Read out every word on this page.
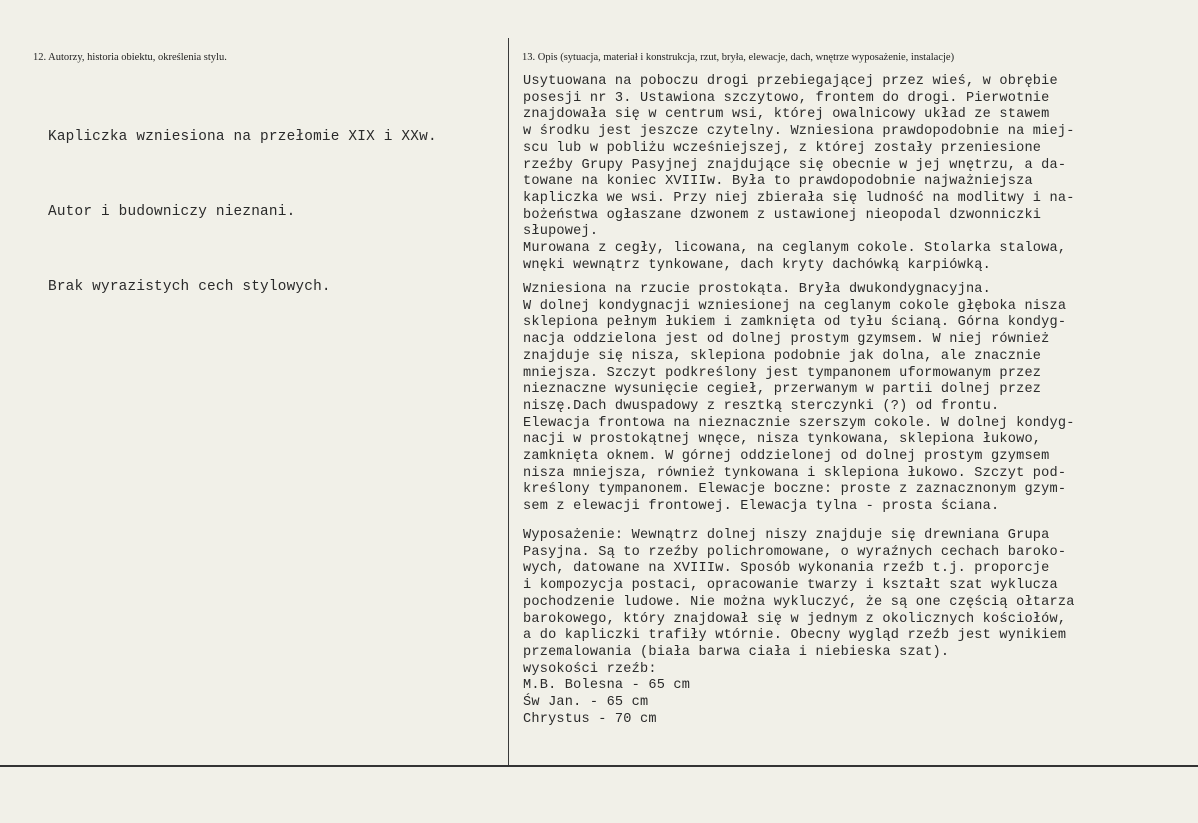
12. Autorzy, historia obiektu, określenia stylu.	13. Opis (sytuacja, materiał i konstrukcja, rzut, bryła, elewacje, dach, wnętrze wyposażenie, instalacje)

Kapliczka wzniesiona na przełomie XIX i XXw.

Autor i budowniczy nieznani.

Brak wyrazistych cech stylowych.

Usytuowana na poboczu drogi przebiegającej przez wieś, w obrębie
posesji nr 3. Ustawiona szczytowo, frontem do drogi. Pierwotnie
znajdowała się w centrum wsi, której owalnicowy układ ze stawem
w środku jest jeszcze czytelny. Wzniesiona prawdopodobnie na miej-
scu lub w pobliżu wcześniejszej, z której zostały przeniesione
rzeźby Grupy Pasyjnej znajdujące się obecnie w jej wnętrzu, a da-
towane na koniec XVIIIw. Była to prawdopodobnie najważniejsza
kapliczka we wsi. Przy niej zbierała się ludność na modlitwy i na-
bożeństwa ogłaszane dzwonem z ustawionej nieopodal dzwonniczki
słupowej.
Murowana z cegły, licowana, na ceglanym cokole. Stolarka stalowa,
wnęki wewnątrz tynkowane, dach kryty dachówką karpiówką.

Wzniesiona na rzucie prostokąta. Bryła dwukondygnacyjna.
W dolnej kondygnacji wzniesionej na ceglanym cokole głęboka nisza
sklepiona pełnym łukiem i zamknięta od tyłu ścianą. Górna kondyg-
nacja oddzielona jest od dolnej prostym gzymsem. W niej również
znajduje się nisza, sklepiona podobnie jak dolna, ale znacznie
mniejsza. Szczyt podkreślony jest tympanonem uformowanym przez
nieznaczne wysunięcie cegieł, przerwanym w partii dolnej przez
niszę.Dach dwuspadowy z resztką sterczynki (?) od frontu.
Elewacja frontowa na nieznacznie szerszym cokole. W dolnej kondyg-
nacji w prostokątnej wnęce, nisza tynkowana, sklepiona łukowo,
zamknięta oknem. W górnej oddzielonej od dolnej prostym gzymsem
nisza mniejsza, również tynkowana i sklepiona łukowo. Szczyt pod-
kreślony tympanonem. Elewacje boczne: proste z zaznacznonym gzym-
sem z elewacji frontowej. Elewacja tylna - prosta ściana.

Wyposażenie: Wewnątrz dolnej niszy znajduje się drewniana Grupa
Pasyjna. Są to rzeźby polichromowane, o wyraźnych cechach baroko-
wych, datowane na XVIIIw. Sposób wykonania rzeźb t.j. proporcje
i kompozycja postaci, opracowanie twarzy i kształt szat wyklucza
pochodzenie ludowe. Nie można wykluczyć, że są one częścią ołtarza
barokowego, który znajdował się w jednym z okolicznych kościołów,
a do kapliczki trafiły wtórnie. Obecny wygląd rzeźb jest wynikiem
przemalowania (biała barwa ciała i niebieska szat).
wysokości rzeźb:
M.B. Bolesna - 65 cm
Św Jan. - 65 cm
Chrystus - 70 cm
